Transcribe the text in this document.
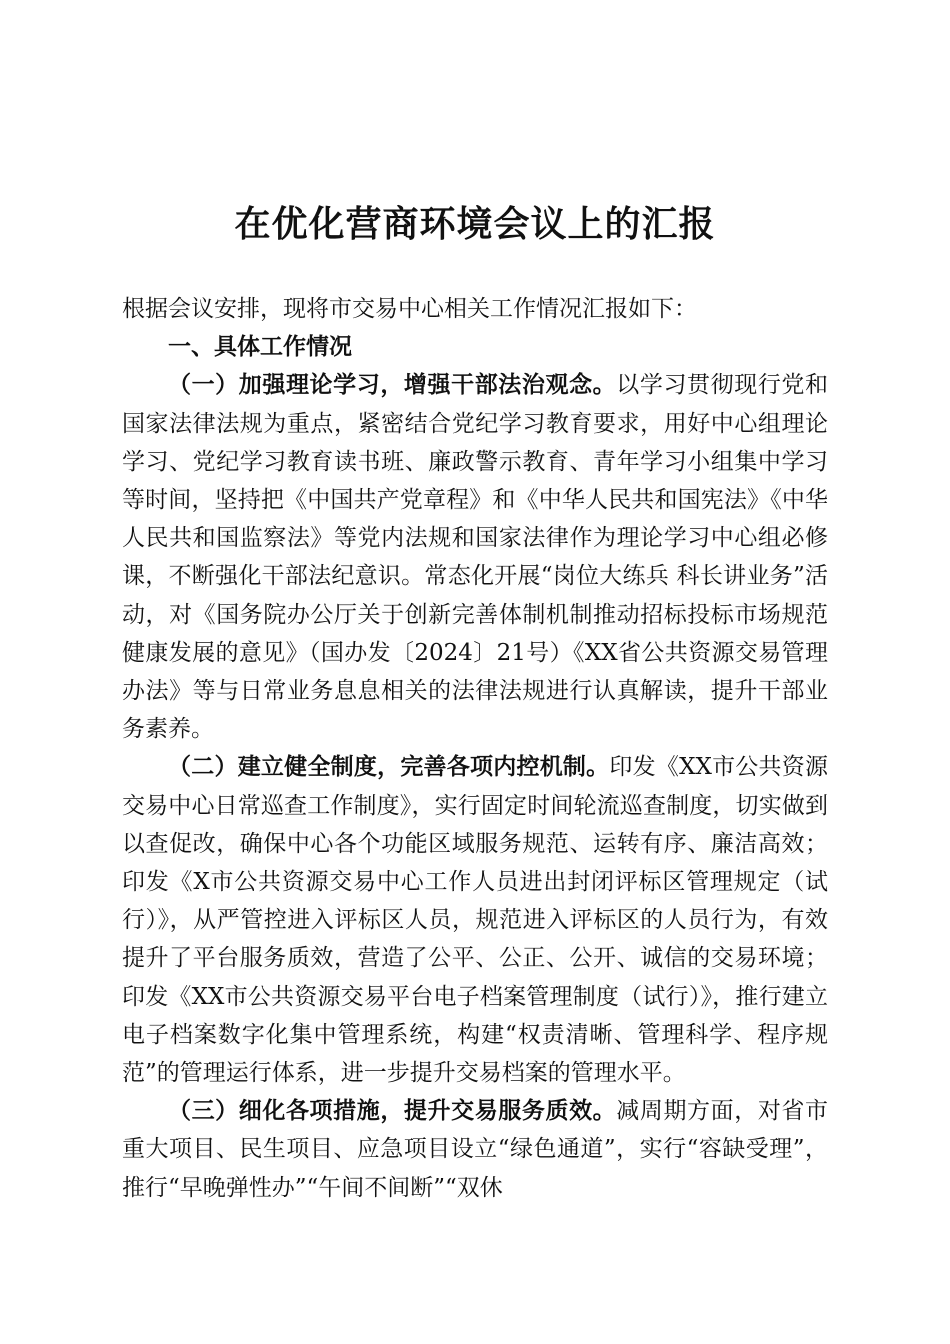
在优化营商环境会议上的汇报

根据会议安排，现将市交易中心相关工作情况汇报如下：

一、具体工作情况

（一）加强理论学习，增强干部法治观念。以学习贯彻现行党和国家法律法规为重点，紧密结合党纪学习教育要求，用好中心组理论学习、党纪学习教育读书班、廉政警示教育、青年学习小组集中学习等时间，坚持把《中国共产党章程》和《中华人民共和国宪法》《中华人民共和国监察法》等党内法规和国家法律作为理论学习中心组必修课，不断强化干部法纪意识。常态化开展“岗位大练兵 科长讲业务”活动，对《国务院办公厅关于创新完善体制机制推动招标投标市场规范健康发展的意见》（国办发〔2024〕21号）《XX省公共资源交易管理办法》等与日常业务息息相关的法律法规进行认真解读，提升干部业务素养。

（二）建立健全制度，完善各项内控机制。印发《XX市公共资源交易中心日常巡查工作制度》，实行固定时间轮流巡查制度，切实做到以查促改，确保中心各个功能区域服务规范、运转有序、廉洁高效；印发《X市公共资源交易中心工作人员进出封闭评标区管理规定（试行）》，从严管控进入评标区人员，规范进入评标区的人员行为，有效提升了平台服务质效，营造了公平、公正、公开、诚信的交易环境；印发《XX市公共资源交易平台电子档案管理制度（试行）》，推行建立电子档案数字化集中管理系统，构建“权责清晰、管理科学、程序规范”的管理运行体系，进一步提升交易档案的管理水平。

（三）细化各项措施，提升交易服务质效。减周期方面，对省市重大项目、民生项目、应急项目设立“绿色通道”，实行“容缺受理”，推行“早晚弹性办”“午间不间断”“双休
